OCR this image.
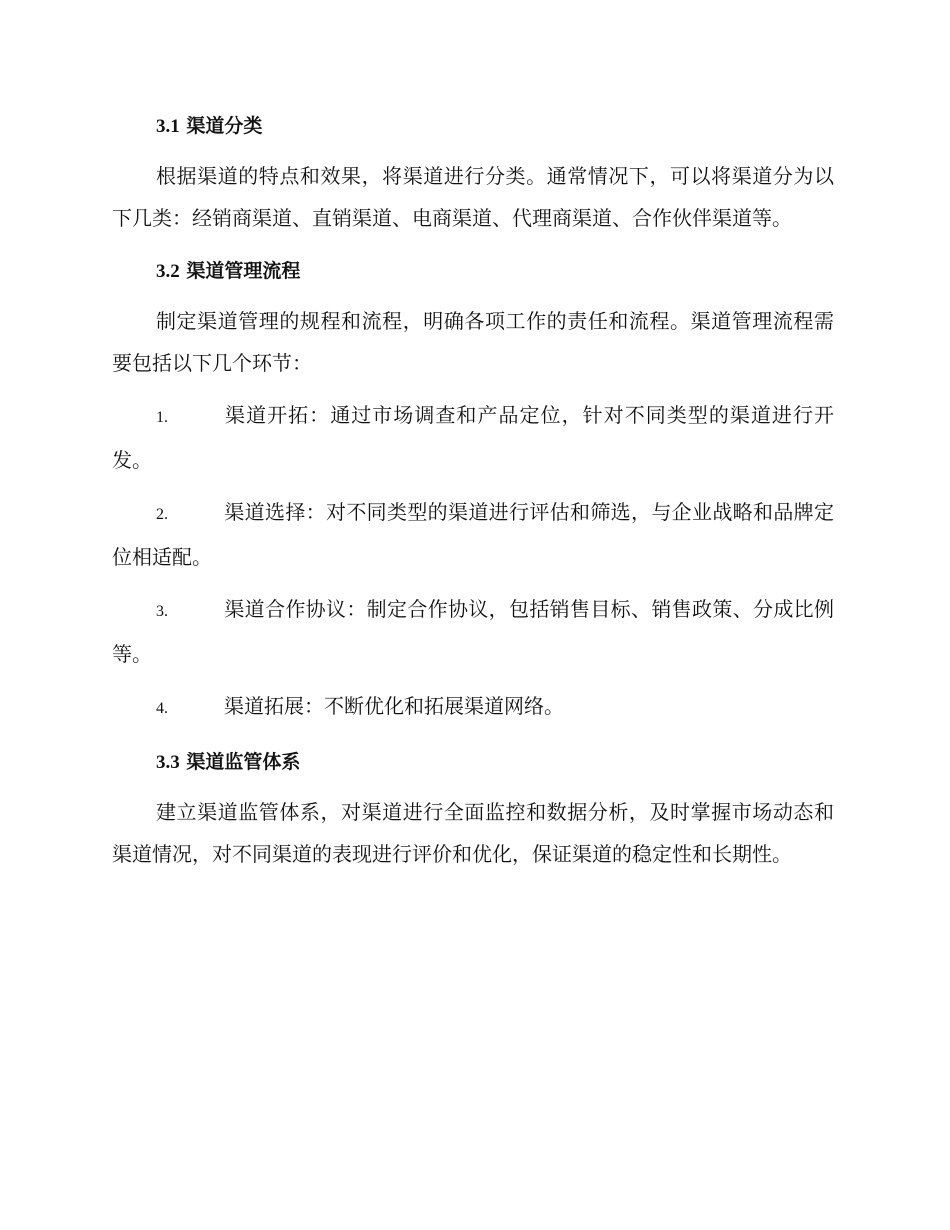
3.1 渠道分类

根据渠道的特点和效果，将渠道进行分类。通常情况下，可以将渠道分为以下几类：经销商渠道、直销渠道、电商渠道、代理商渠道、合作伙伴渠道等。

3.2 渠道管理流程

制定渠道管理的规程和流程，明确各项工作的责任和流程。渠道管理流程需要包括以下几个环节：

1.	渠道开拓：通过市场调查和产品定位，针对不同类型的渠道进行开发。

2.	渠道选择：对不同类型的渠道进行评估和筛选，与企业战略和品牌定位相适配。

3.	渠道合作协议：制定合作协议，包括销售目标、销售政策、分成比例等。

4.	渠道拓展：不断优化和拓展渠道网络。

3.3 渠道监管体系

建立渠道监管体系，对渠道进行全面监控和数据分析，及时掌握市场动态和渠道情况，对不同渠道的表现进行评价和优化，保证渠道的稳定性和长期性。
